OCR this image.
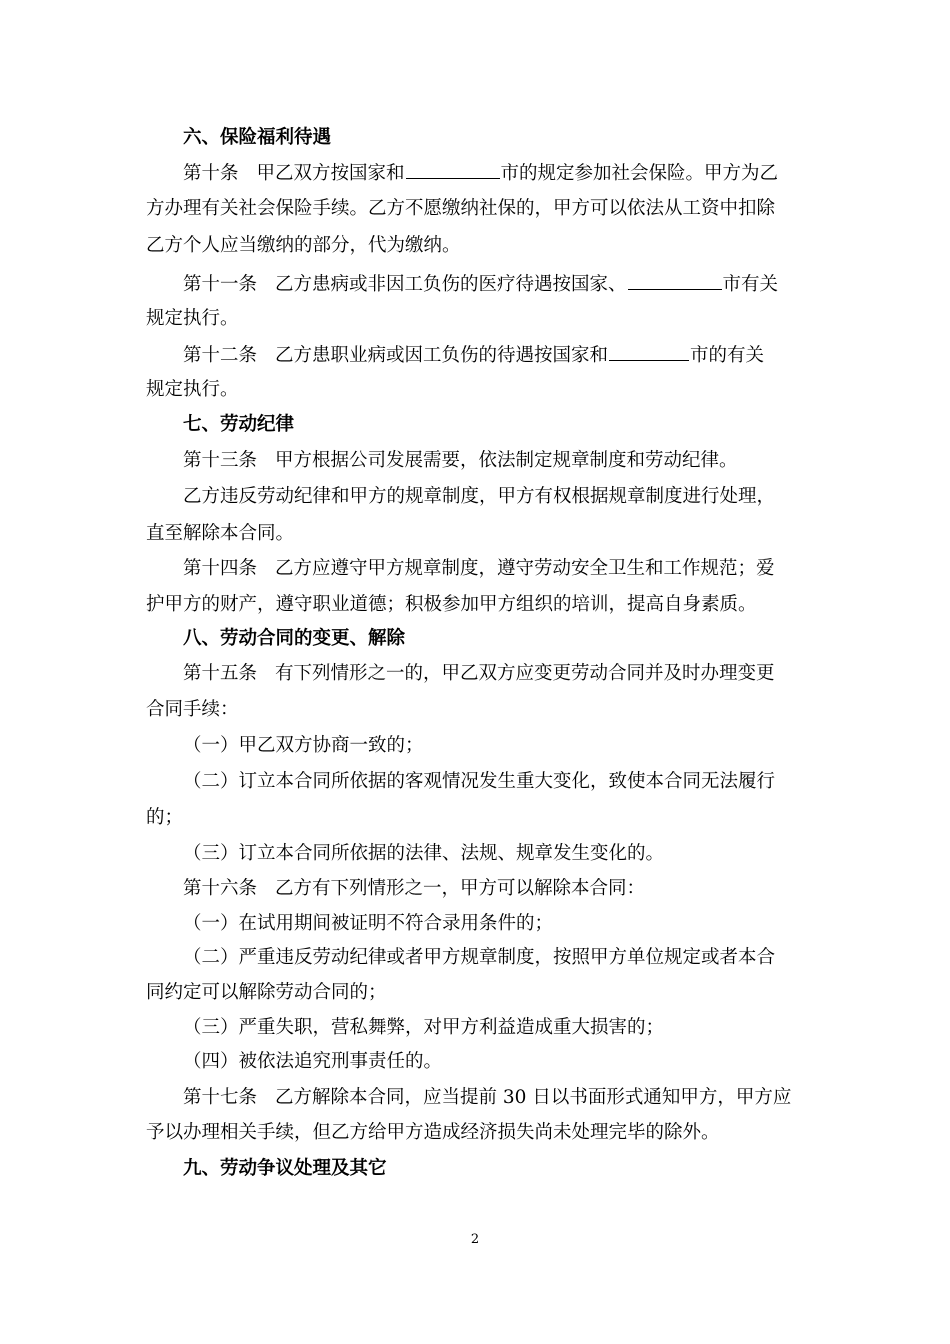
六、保险福利待遇
第十条 甲乙双方按国家和	市的规定参加社会保险。甲方为乙
方办理有关社会保险手续。乙方不愿缴纳社保的，甲方可以依法从工资中扣除
乙方个人应当缴纳的部分，代为缴纳。
第十一条 乙方患病或非因工负伤的医疗待遇按国家、	市有关
规定执行。
第十二条 乙方患职业病或因工负伤的待遇按国家和	市的有关
规定执行。
七、劳动纪律
第十三条 甲方根据公司发展需要，依法制定规章制度和劳动纪律。
乙方违反劳动纪律和甲方的规章制度，甲方有权根据规章制度进行处理，
直至解除本合同。
第十四条 乙方应遵守甲方规章制度，遵守劳动安全卫生和工作规范；爱
护甲方的财产，遵守职业道德；积极参加甲方组织的培训，提高自身素质。
八、劳动合同的变更、解除
第十五条 有下列情形之一的，甲乙双方应变更劳动合同并及时办理变更
合同手续：
（一）甲乙双方协商一致的；
（二）订立本合同所依据的客观情况发生重大变化，致使本合同无法履行
的；
（三）订立本合同所依据的法律、法规、规章发生变化的。
第十六条 乙方有下列情形之一，甲方可以解除本合同：
（一）在试用期间被证明不符合录用条件的；
（二）严重违反劳动纪律或者甲方规章制度，按照甲方单位规定或者本合
同约定可以解除劳动合同的；
（三）严重失职，营私舞弊，对甲方利益造成重大损害的；
（四）被依法追究刑事责任的。
第十七条 乙方解除本合同，应当提前 30 日以书面形式通知甲方，甲方应
予以办理相关手续，但乙方给甲方造成经济损失尚未处理完毕的除外。
九、劳动争议处理及其它
2
